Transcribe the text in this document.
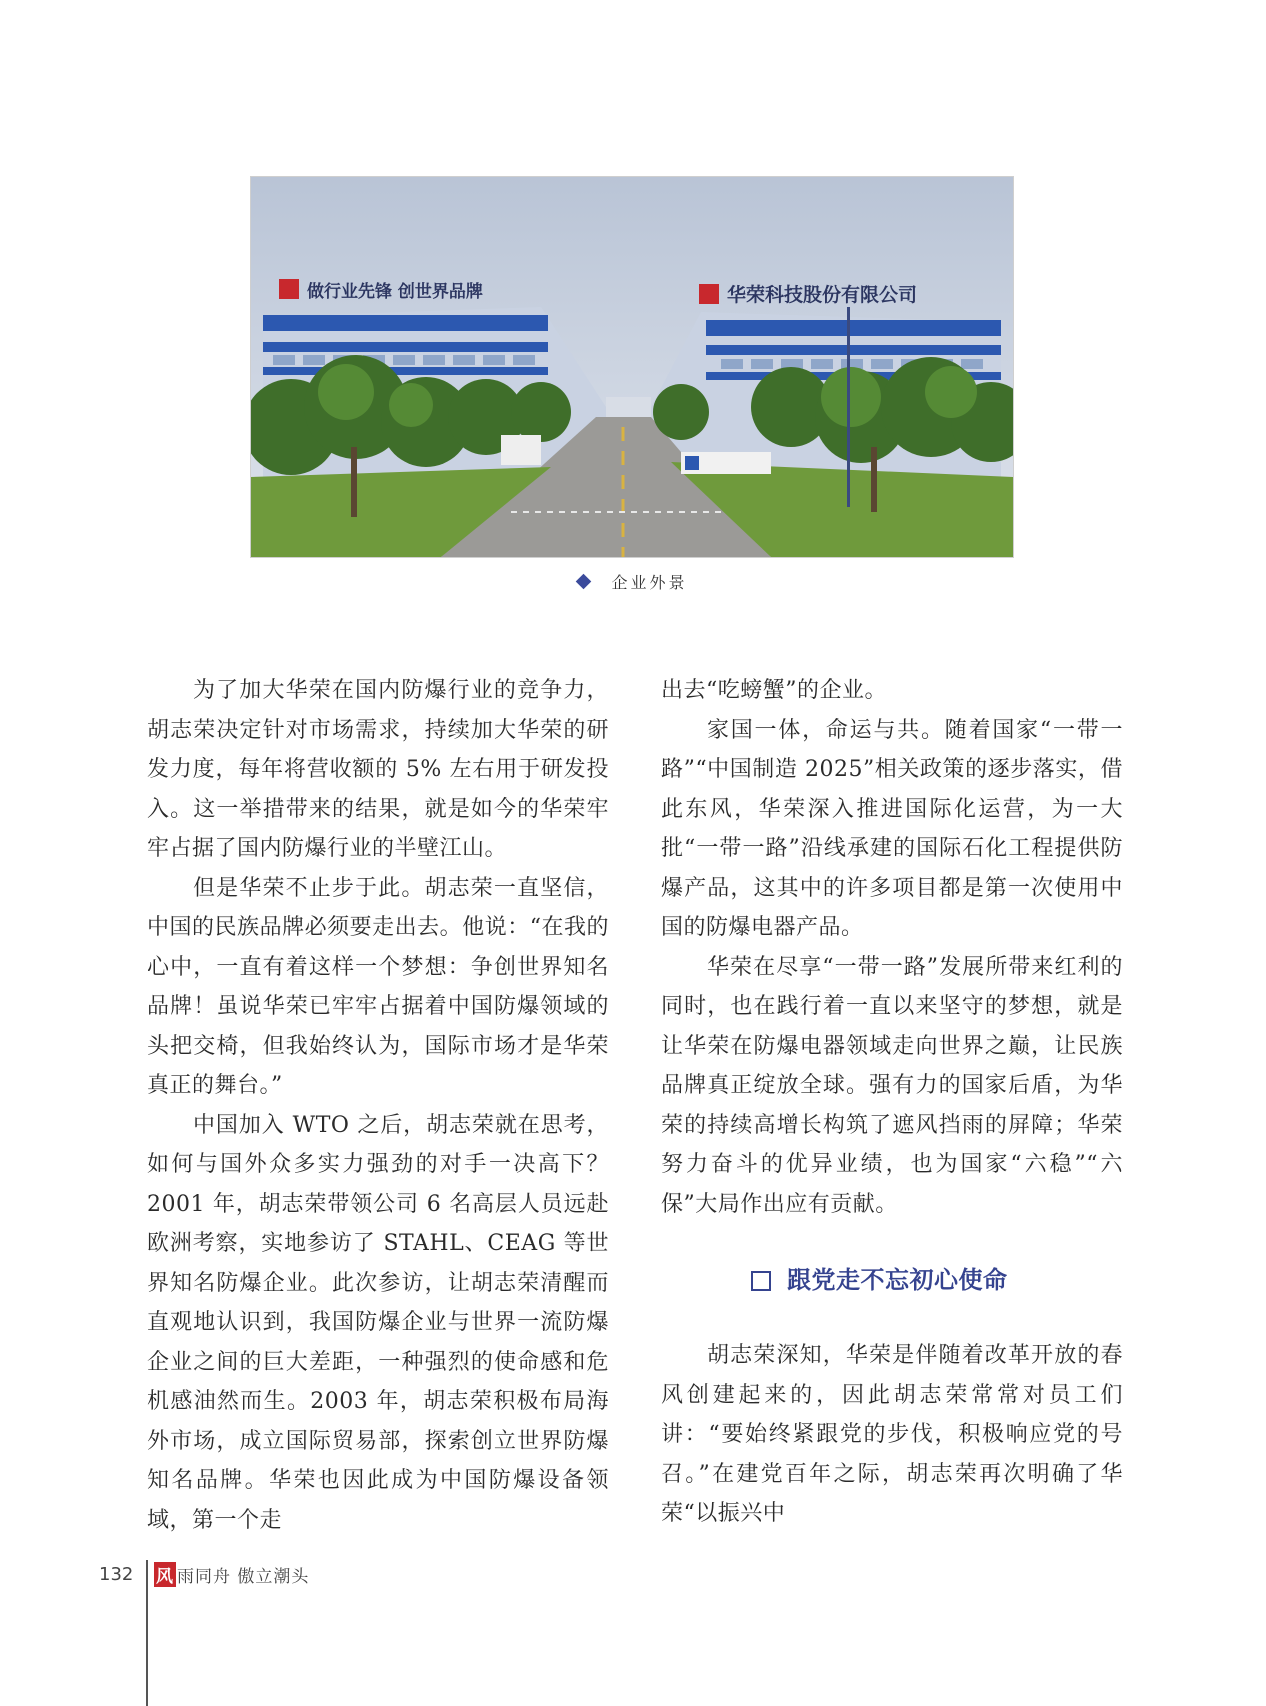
做行业先锋 创世界品牌	华荣科技股份有限公司
企业外景

为了加大华荣在国内防爆行业的竞争力，胡志荣决定针对市场需求，持续加大华荣的研发力度，每年将营收额的 5% 左右用于研发投入。这一举措带来的结果，就是如今的华荣牢牢占据了国内防爆行业的半壁江山。

但是华荣不止步于此。胡志荣一直坚信，中国的民族品牌必须要走出去。他说：“在我的心中，一直有着这样一个梦想：争创世界知名品牌！虽说华荣已牢牢占据着中国防爆领域的头把交椅，但我始终认为，国际市场才是华荣真正的舞台。”

中国加入 WTO 之后，胡志荣就在思考，如何与国外众多实力强劲的对手一决高下？2001 年，胡志荣带领公司 6 名高层人员远赴欧洲考察，实地参访了 STAHL、CEAG 等世界知名防爆企业。此次参访，让胡志荣清醒而直观地认识到，我国防爆企业与世界一流防爆企业之间的巨大差距，一种强烈的使命感和危机感油然而生。2003 年，胡志荣积极布局海外市场，成立国际贸易部，探索创立世界防爆知名品牌。华荣也因此成为中国防爆设备领域，第一个走

出去“吃螃蟹”的企业。

家国一体，命运与共。随着国家“一带一路”“中国制造 2025”相关政策的逐步落实，借此东风，华荣深入推进国际化运营，为一大批“一带一路”沿线承建的国际石化工程提供防爆产品，这其中的许多项目都是第一次使用中国的防爆电器产品。

华荣在尽享“一带一路”发展所带来红利的同时，也在践行着一直以来坚守的梦想，就是让华荣在防爆电器领域走向世界之巅，让民族品牌真正绽放全球。强有力的国家后盾，为华荣的持续高增长构筑了遮风挡雨的屏障；华荣努力奋斗的优异业绩，也为国家“六稳”“六保”大局作出应有贡献。

跟党走不忘初心使命

胡志荣深知，华荣是伴随着改革开放的春风创建起来的，因此胡志荣常常对员工们讲：“要始终紧跟党的步伐，积极响应党的号召。”在建党百年之际，胡志荣再次明确了华荣“以振兴中

132 风 雨同舟 傲立潮头
